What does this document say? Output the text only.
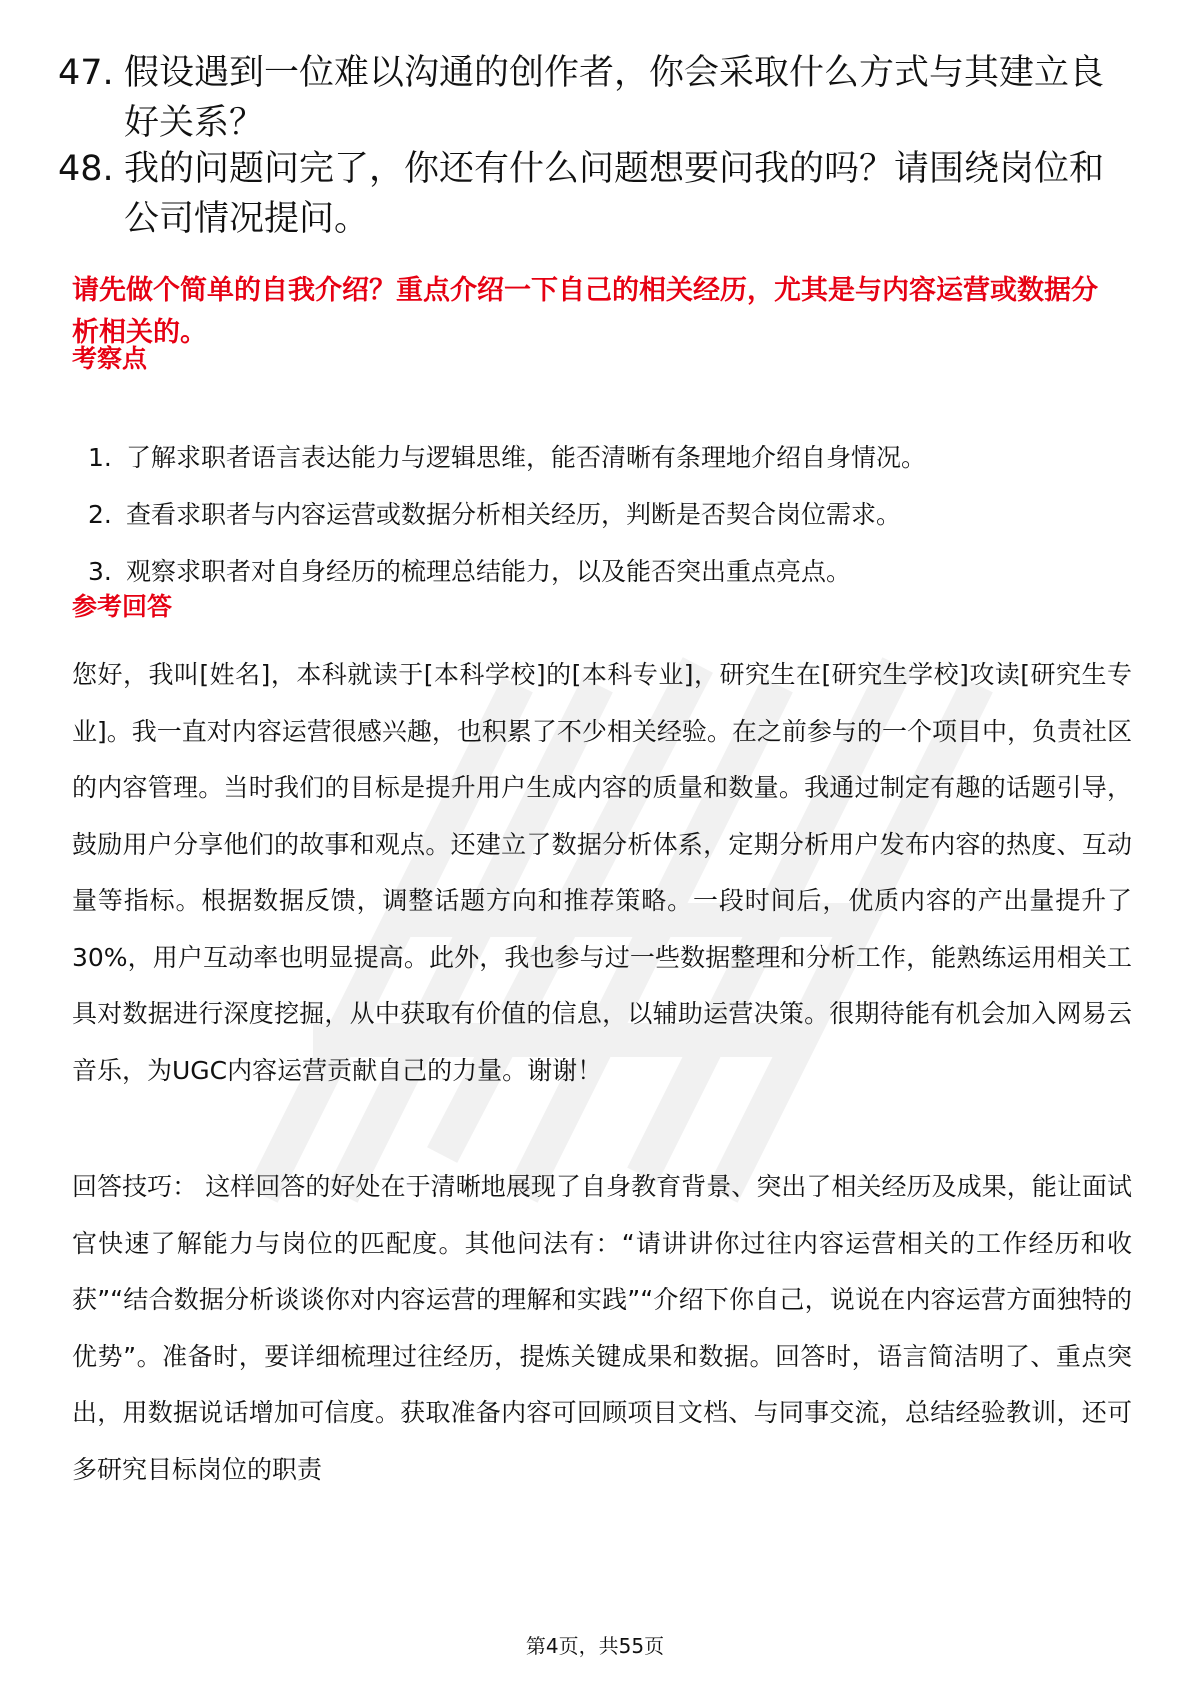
47. 假设遇到一位难以沟通的创作者，你会采取什么方式与其建立良好关系？
48. 我的问题问完了，你还有什么问题想要问我的吗？请围绕岗位和公司情况提问。
请先做个简单的自我介绍？重点介绍一下自己的相关经历，尤其是与内容运营或数据分析相关的。
考察点
1. 了解求职者语言表达能力与逻辑思维，能否清晰有条理地介绍自身情况。
2. 查看求职者与内容运营或数据分析相关经历，判断是否契合岗位需求。
3. 观察求职者对自身经历的梳理总结能力，以及能否突出重点亮点。
参考回答
您好，我叫[姓名]，本科就读于[本科学校]的[本科专业]，研究生在[研究生学校]攻读[研究生专业]。我一直对内容运营很感兴趣，也积累了不少相关经验。在之前参与的一个项目中，负责社区的内容管理。当时我们的目标是提升用户生成内容的质量和数量。我通过制定有趣的话题引导，鼓励用户分享他们的故事和观点。还建立了数据分析体系，定期分析用户发布内容的热度、互动量等指标。根据数据反馈，调整话题方向和推荐策略。一段时间后，优质内容的产出量提升了30%，用户互动率也明显提高。此外，我也参与过一些数据整理和分析工作，能熟练运用相关工具对数据进行深度挖掘，从中获取有价值的信息，以辅助运营决策。很期待能有机会加入网易云音乐，为UGC内容运营贡献自己的力量。谢谢！
回答技巧： 这样回答的好处在于清晰地展现了自身教育背景、突出了相关经历及成果，能让面试官快速了解能力与岗位的匹配度。其他问法有：“请讲讲你过往内容运营相关的工作经历和收获”“结合数据分析谈谈你对内容运营的理解和实践”“介绍下你自己，说说在内容运营方面独特的优势”。准备时，要详细梳理过往经历，提炼关键成果和数据。回答时，语言简洁明了、重点突出，用数据说话增加可信度。获取准备内容可回顾项目文档、与同事交流，总结经验教训，还可多研究目标岗位的职责
第4页，共55页
